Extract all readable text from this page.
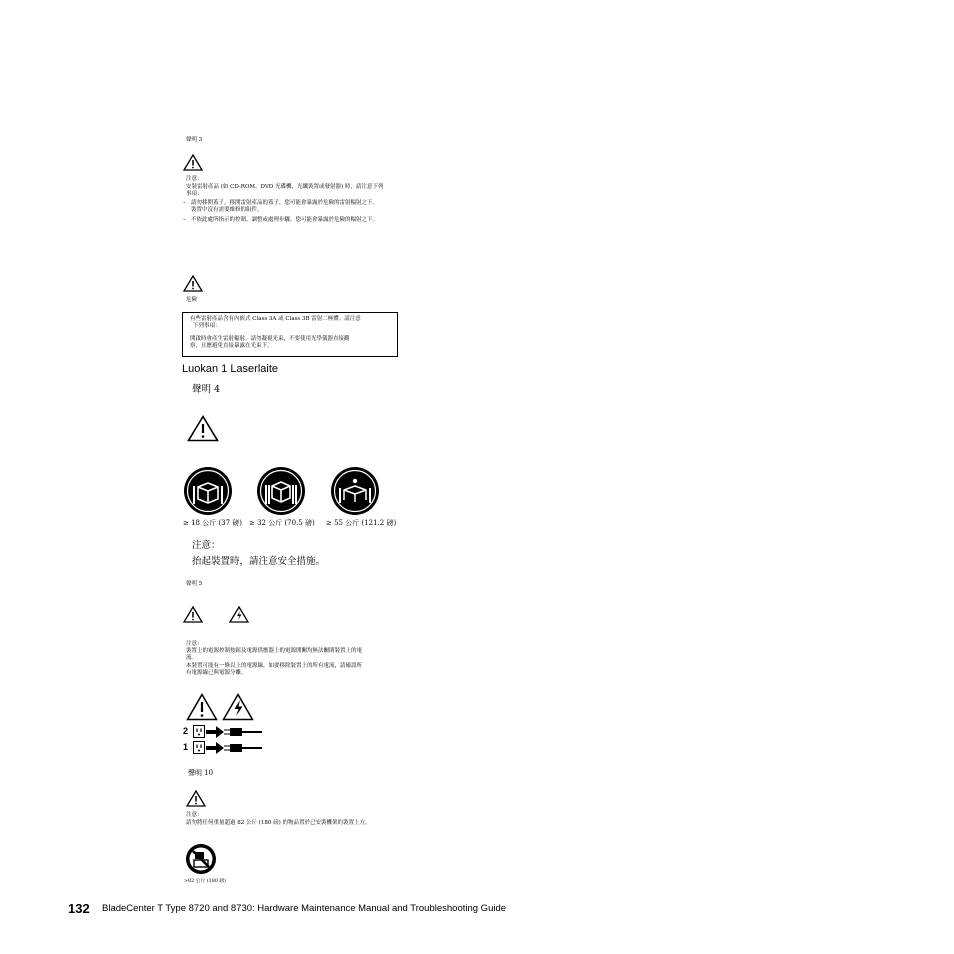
聲明 3
注意：
安裝雷射產品 (如 CD-ROM、DVD 光碟機、光纖裝置或發射器) 時，請注意下列
事項：
– 請勿移開蓋子。移開雷射產品的蓋子，您可能會暴露於危險的雷射輻射之下。
裝置中沒有需要維修的組件。
– 不依此處所指示的控制、調整或處理步驟，您可能會暴露於危險的輻射之下。
危險
有些雷射產品含有內嵌式 Class 3A 或 Class 3B 雷射二極體。請注意
下列事項：
開啟時會產生雷射輻射。請勿凝視光束，不要使用光學儀器直接觀
察，且應避免直接暴露在光束下。
Luokan 1 Laserlaite
聲明 4
≥ 18 公斤 (37 磅) ≥ 32 公斤 (70.5 磅) ≥ 55 公斤 (121.2 磅)
注意：
抬起裝置時，請注意安全措施。
聲明 5
注意：
裝置上的電源控制按鈕及電源供應器上的電源開關均無法關閉裝置上的電
流。
本裝置可能有一條以上的電源線，如要移除裝置上的所有電流，請確認所
有電源線已與電源分離。
2
1
聲明 10
注意：
請勿將任何重量超過 82 公斤 (180 磅) 的物品置於已安裝機架的裝置上方。
>82 公斤 (180 磅)
132 BladeCenter T Type 8720 and 8730: Hardware Maintenance Manual and Troubleshooting Guide
